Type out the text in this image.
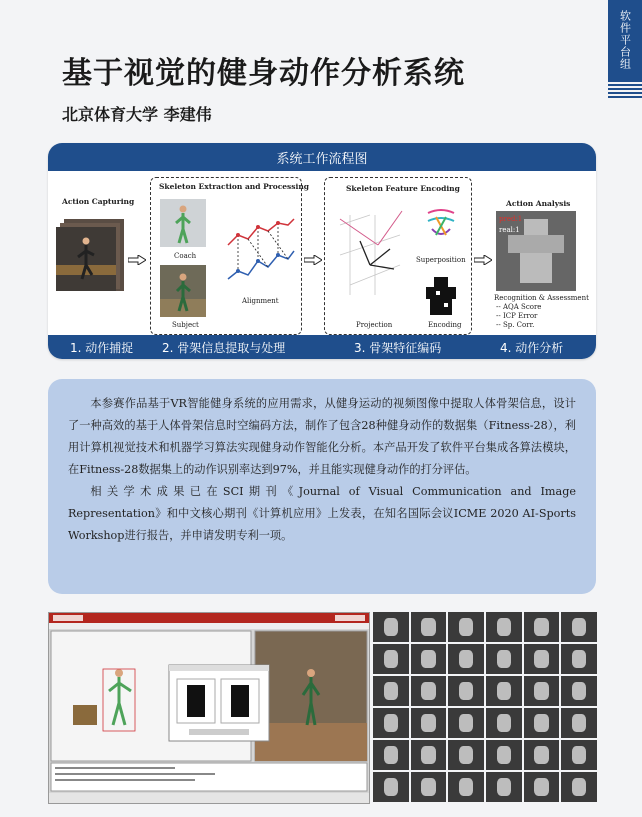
软件平台组
基于视觉的健身动作分析系统
北京体育大学 李建伟
系统工作流程图
Action Capturing
Skeleton Extraction and Processing
Coach
Subject
Alignment
Skeleton Feature Encoding
Projection
Superposition
Encoding
Action Analysis
pred:1
real:1
Recognition & Assessment
-- AQA Score
-- ICP Error
-- Sp. Corr.
1. 动作捕捉 2. 骨架信息提取与处理	3. 骨架特征编码	4. 动作分析

本参赛作品基于VR智能健身系统的应用需求，从健身运动的视频图像中提取人体骨架信息，设计了一种高效的基于人体骨架信息时空编码方法，制作了包含28种健身动作的数据集（Fitness-28），利用计算机视觉技术和机器学习算法实现健身动作智能化分析。本产品开发了软件平台集成各算法模块，在Fitness-28数据集上的动作识别率达到97%，并且能实现健身动作的打分评估。

相关学术成果已在SCI期刊《Journal of Visual Communication and Image Representation》和中文核心期刊《计算机应用》上发表，在知名国际会议ICME 2020 AI-Sports Workshop进行报告，并申请发明专利一项。
